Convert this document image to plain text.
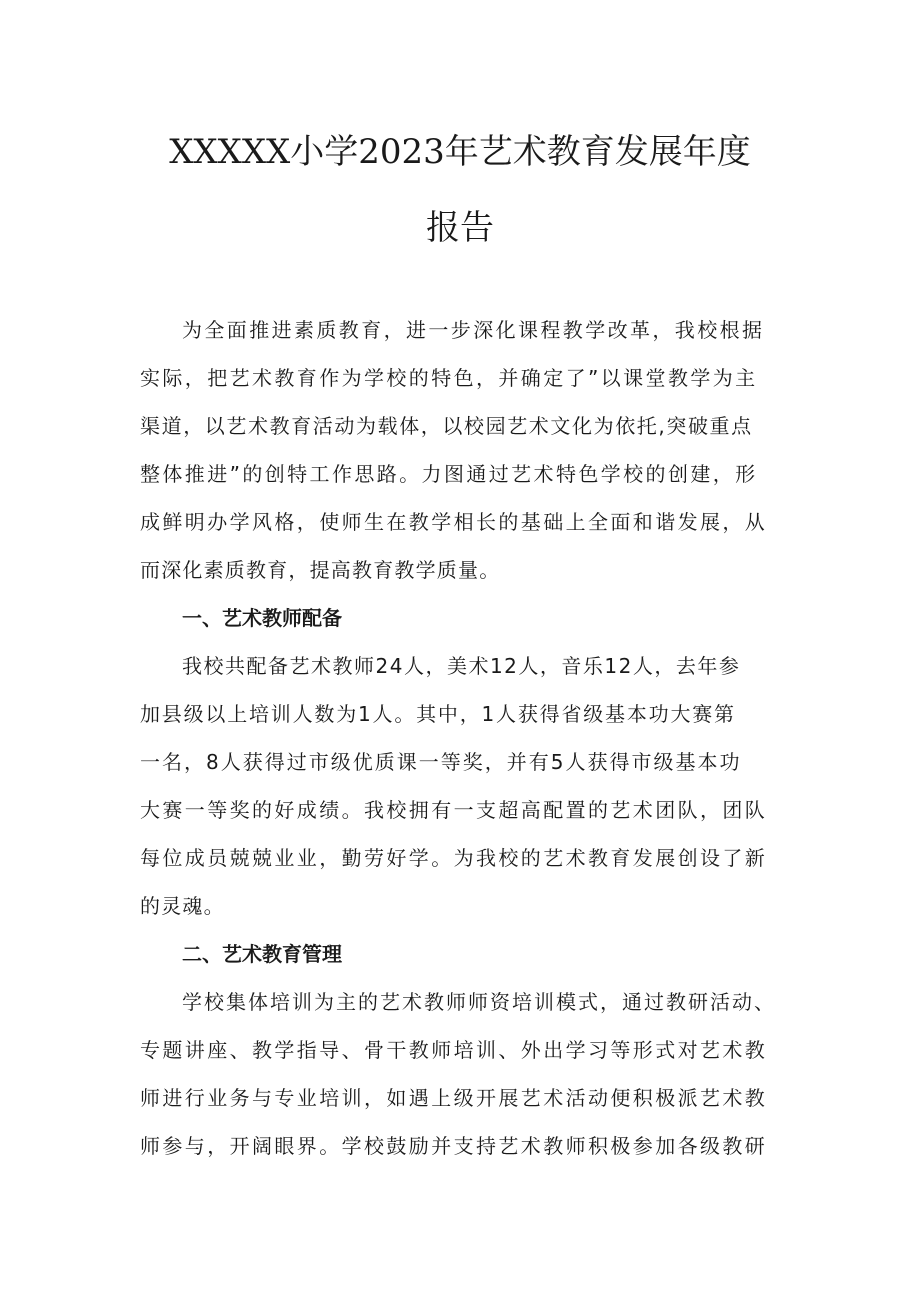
XXXXX小学2023年艺术教育发展年度
报告
为全面推进素质教育，进一步深化课程教学改革，我校根据
实际，把艺术教育作为学校的特色，并确定了”以课堂教学为主
渠道，以艺术教育活动为载体，以校园艺术文化为依托,突破重点
整体推进”的创特工作思路。力图通过艺术特色学校的创建，形
成鲜明办学风格，使师生在教学相长的基础上全面和谐发展，从
而深化素质教育，提高教育教学质量。
一、艺术教师配备
我校共配备艺术教师24人，美术12人，音乐12人，去年参
加县级以上培训人数为1人。其中，1人获得省级基本功大赛第
一名，8人获得过市级优质课一等奖，并有5人获得市级基本功
大赛一等奖的好成绩。我校拥有一支超高配置的艺术团队，团队
每位成员兢兢业业，勤劳好学。为我校的艺术教育发展创设了新
的灵魂。
二、艺术教育管理
学校集体培训为主的艺术教师师资培训模式，通过教研活动、
专题讲座、教学指导、骨干教师培训、外出学习等形式对艺术教
师进行业务与专业培训，如遇上级开展艺术活动便积极派艺术教
师参与，开阔眼界。学校鼓励并支持艺术教师积极参加各级教研
